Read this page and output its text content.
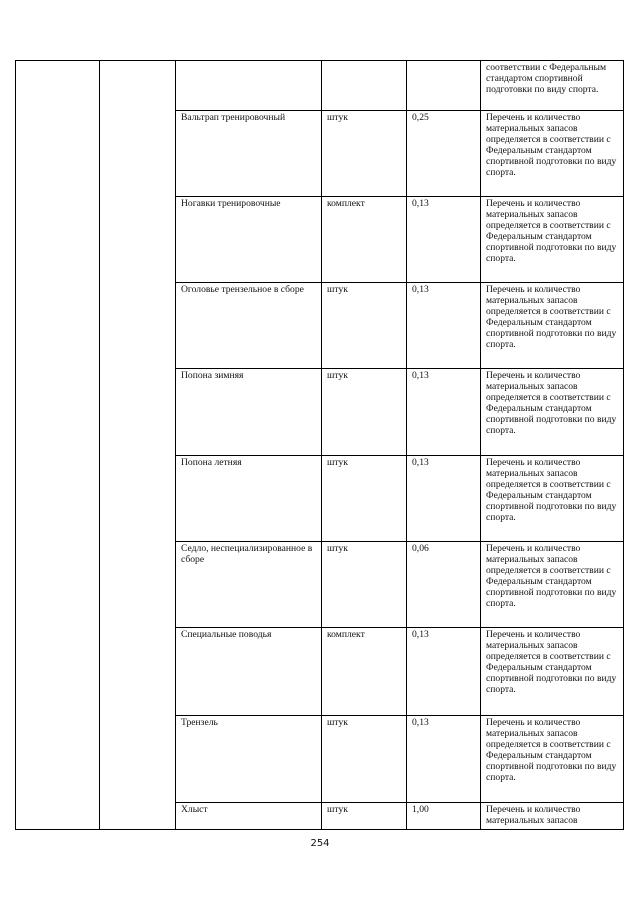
					соответствии с Федеральным стандартом спортивной подготовки по виду спорта.
		Вальтрап тренировочный	штук	0,25	Перечень и количество материальных запасов определяется в соответствии с Федеральным стандартом спортивной подготовки по виду спорта.
		Ногавки тренировочные	комплект	0,13	Перечень и количество материальных запасов определяется в соответствии с Федеральным стандартом спортивной подготовки по виду спорта.
		Оголовье трензельное в сборе	штук	0,13	Перечень и количество материальных запасов определяется в соответствии с Федеральным стандартом спортивной подготовки по виду спорта.
		Попона зимняя	штук	0,13	Перечень и количество материальных запасов определяется в соответствии с Федеральным стандартом спортивной подготовки по виду спорта.
		Попона летняя	штук	0,13	Перечень и количество материальных запасов определяется в соответствии с Федеральным стандартом спортивной подготовки по виду спорта.
		Седло, неспециализированное в сборе	штук	0,06	Перечень и количество материальных запасов определяется в соответствии с Федеральным стандартом спортивной подготовки по виду спорта.
		Специальные поводья	комплект	0,13	Перечень и количество материальных запасов определяется в соответствии с Федеральным стандартом спортивной подготовки по виду спорта.
		Трензель	штук	0,13	Перечень и количество материальных запасов определяется в соответствии с Федеральным стандартом спортивной подготовки по виду спорта.
		Хлыст	штук	1,00	Перечень и количество материальных запасов
254
